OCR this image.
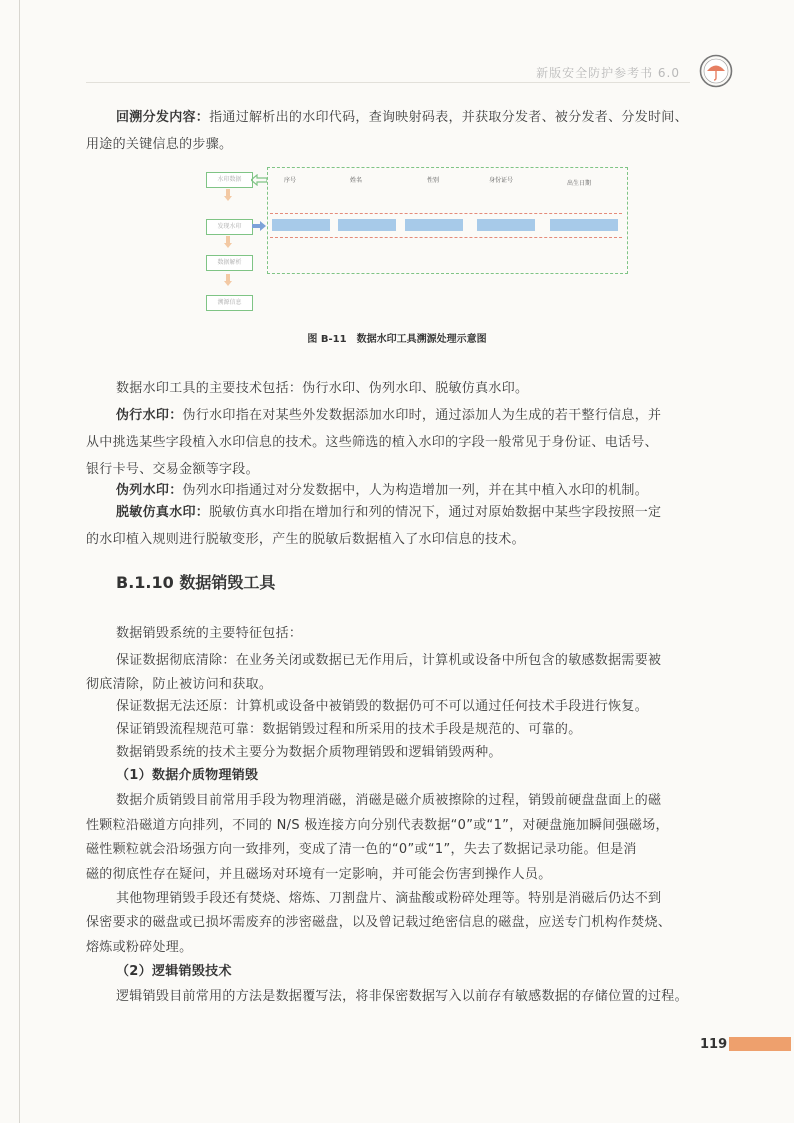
新版安全防护参考书 6.0
回溯分发内容：指通过解析出的水印代码，查询映射码表，并获取分发者、被分发者、分发时间、
用途的关键信息的步骤。
水印数据
发现水印
数据解析
溯源信息
序号	姓名	性别	身份证号	出生日期
图 B-11　数据水印工具溯源处理示意图
数据水印工具的主要技术包括：伪行水印、伪列水印、脱敏仿真水印。
伪行水印：伪行水印指在对某些外发数据添加水印时，通过添加人为生成的若干整行信息，并
从中挑选某些字段植入水印信息的技术。这些筛选的植入水印的字段一般常见于身份证、电话号、
银行卡号、交易金额等字段。
伪列水印：伪列水印指通过对分发数据中，人为构造增加一列，并在其中植入水印的机制。
脱敏仿真水印：脱敏仿真水印指在增加行和列的情况下，通过对原始数据中某些字段按照一定
的水印植入规则进行脱敏变形，产生的脱敏后数据植入了水印信息的技术。
B.1.10 数据销毁工具
数据销毁系统的主要特征包括：
保证数据彻底清除：在业务关闭或数据已无作用后，计算机或设备中所包含的敏感数据需要被
彻底清除，防止被访问和获取。
保证数据无法还原：计算机或设备中被销毁的数据仍可不可以通过任何技术手段进行恢复。
保证销毁流程规范可靠：数据销毁过程和所采用的技术手段是规范的、可靠的。
数据销毁系统的技术主要分为数据介质物理销毁和逻辑销毁两种。
（1）数据介质物理销毁
数据介质销毁目前常用手段为物理消磁，消磁是磁介质被擦除的过程，销毁前硬盘盘面上的磁
性颗粒沿磁道方向排列，不同的 N/S 极连接方向分别代表数据“0”或“1”，对硬盘施加瞬间强磁场，
磁性颗粒就会沿场强方向一致排列，变成了清一色的“0”或“1”，失去了数据记录功能。但是消
磁的彻底性存在疑问，并且磁场对环境有一定影响，并可能会伤害到操作人员。
其他物理销毁手段还有焚烧、熔炼、刀割盘片、滴盐酸或粉碎处理等。特别是消磁后仍达不到
保密要求的磁盘或已损坏需废弃的涉密磁盘，以及曾记载过绝密信息的磁盘，应送专门机构作焚烧、
熔炼或粉碎处理。
（2）逻辑销毁技术
逻辑销毁目前常用的方法是数据覆写法，将非保密数据写入以前存有敏感数据的存储位置的过程。
119
